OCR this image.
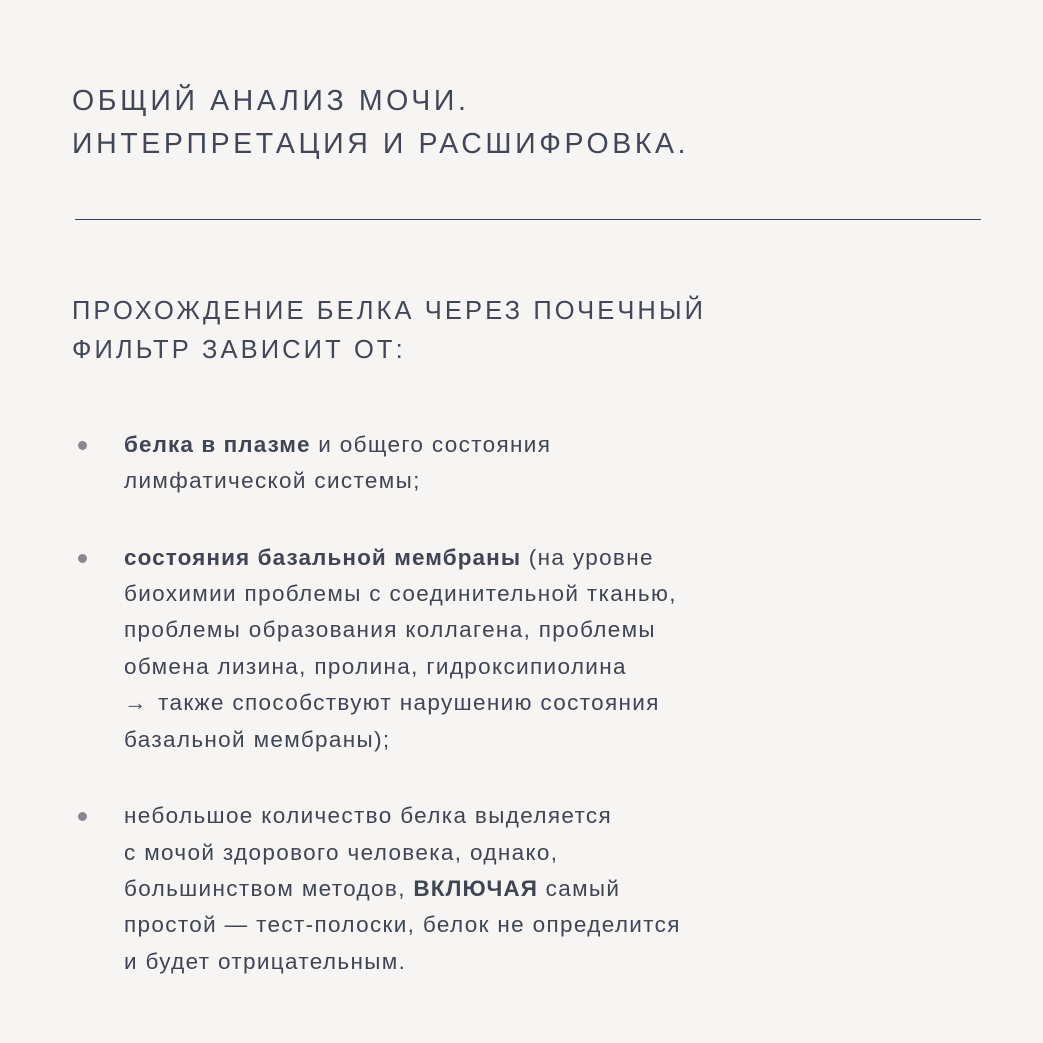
ОБЩИЙ АНАЛИЗ МОЧИ.
ИНТЕРПРЕТАЦИЯ И РАСШИФРОВКА.
ПРОХОЖДЕНИЕ БЕЛКА ЧЕРЕЗ ПОЧЕЧНЫЙ
ФИЛЬТР ЗАВИСИТ ОТ:
белка в плазме и общего состояния
лимфатической системы;
состояния базальной мембраны (на уровне
биохимии проблемы с соединительной тканью,
проблемы образования коллагена, проблемы
обмена лизина, пролина, гидроксипиолина
→ также способствуют нарушению состояния
базальной мембраны);
небольшое количество белка выделяется
с мочой здорового человека, однако,
большинством методов, ВКЛЮЧАЯ самый
простой — тест-полоски, белок не определится
и будет отрицательным.
